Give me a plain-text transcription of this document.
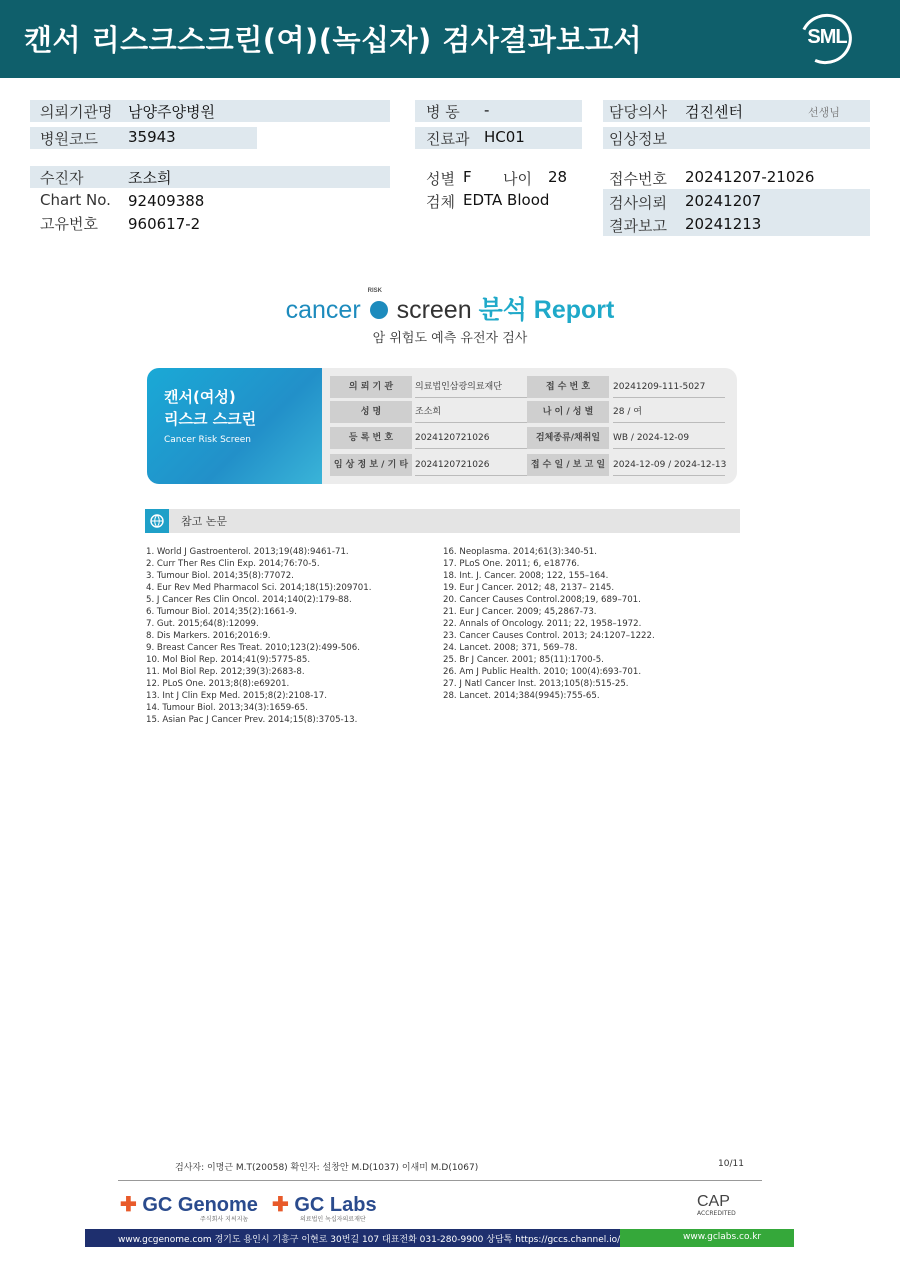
캔서 리스크스크린(여)(녹십자) 검사결과보고서	SML
의뢰기관명 남양주양병원
병원코드 35943
수진자	조소희
Chart No. 92409388
고유번호 960617-2
병 동 -
진료과 HC01
성별 F 나이 28
검체 EDTA Blood
담당의사 검진센터	선생님
임상정보
접수번호 20241207-21026
검사의뢰 20241207
결과보고 20241213
cancer
RISK
screen 분석 Report
암 위험도 예측 유전자 검사
캔서(여성)
리스크 스크린
Cancer Risk Screen
의 뢰 기 관	의료법인삼광의료재단	접 수 번 호	20241209-111-5027
성 명	조소희	나 이 / 성 별	28 / 여
등 록 번 호	2024120721026	검체종류/채취일	WB / 2024-12-09
임 상 정 보 / 기 타 2024120721026	접 수 일 / 보 고 일 2024-12-09 / 2024-12-13
참고 논문
검사자: 이명근 M.T(20058) 확인자: 설창안 M.D(1037) 이새미 M.D(1067)	10/11
✚ GC Genome
주식회사 지씨지놈
✚ GC Labs
의료법인 녹십자의료재단
CAP
ACCREDITED
www.gcgenome.com 경기도 용인시 기흥구 이현로 30번길 107 대표전화 031-280-9900 상담톡 https://gccs.channel.io/	www.gclabs.co.kr
1. World J Gastroenterol. 2013;19(48):9461-71.
2. Curr Ther Res Clin Exp. 2014;76:70-5.
3. Tumour Biol. 2014;35(8):77072.
4. Eur Rev Med Pharmacol Sci. 2014;18(15):209701.
5. J Cancer Res Clin Oncol. 2014;140(2):179-88.
6. Tumour Biol. 2014;35(2):1661-9.
7. Gut. 2015;64(8):12099.
8. Dis Markers. 2016;2016:9.
9. Breast Cancer Res Treat. 2010;123(2):499-506.
10. Mol Biol Rep. 2014;41(9):5775-85.
11. Mol Biol Rep. 2012;39(3):2683-8.
12. PLoS One. 2013;8(8):e69201.
13. Int J Clin Exp Med. 2015;8(2):2108-17.
14. Tumour Biol. 2013;34(3):1659-65.
15. Asian Pac J Cancer Prev. 2014;15(8):3705-13.
16. Neoplasma. 2014;61(3):340-51.
17. PLoS One. 2011; 6, e18776.
18. Int. J. Cancer. 2008; 122, 155–164.
19. Eur J Cancer. 2012; 48, 2137– 2145.
20. Cancer Causes Control.2008;19, 689–701.
21. Eur J Cancer. 2009; 45,2867-73.
22. Annals of Oncology. 2011; 22, 1958–1972.
23. Cancer Causes Control. 2013; 24:1207–1222.
24. Lancet. 2008; 371, 569–78.
25. Br J Cancer. 2001; 85(11):1700-5.
26. Am J Public Health. 2010; 100(4):693-701.
27. J Natl Cancer Inst. 2013;105(8):515-25.
28. Lancet. 2014;384(9945):755-65.
